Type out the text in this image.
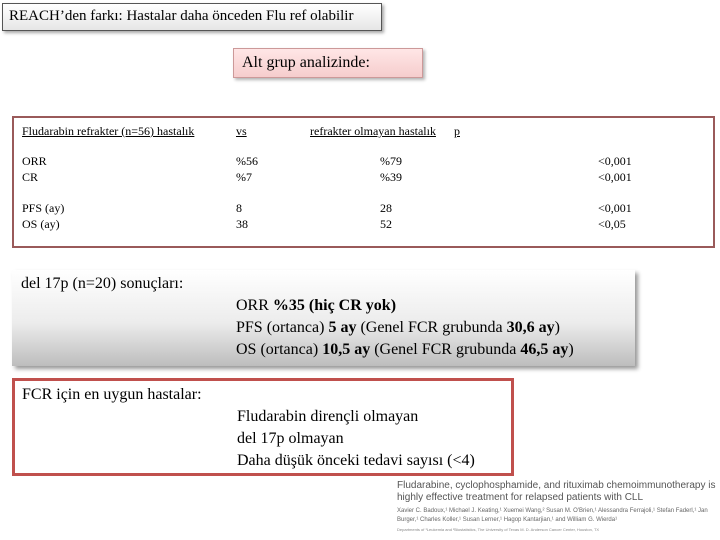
REACH’den farkı: Hastalar daha önceden Flu ref olabilir
Alt grup analizinde:
Fludarabin refrakter (n=56) hastalık	vs	refrakter olmayan hastalık p
ORR
CR
%56
%7
%79
%39
<0,001
<0,001
PFS (ay)
OS (ay)
8
38
28
52
<0,001
<0,05
del 17p (n=20) sonuçları:
ORR %35 (hiç CR yok)
PFS (ortanca) 5 ay (Genel FCR grubunda 30,6 ay)
OS (ortanca) 10,5 ay (Genel FCR grubunda 46,5 ay)
FCR için en uygun hastalar:
Fludarabin dirençli olmayan
del 17p olmayan
Daha düşük önceki tedavi sayısı (<4)
Fludarabine, cyclophosphamide, and rituximab chemoimmunotherapy is highly effective treatment for relapsed patients with CLL
Xavier C. Badoux,¹ Michael J. Keating,¹ Xuemei Wang,² Susan M. O'Brien,¹ Alessandra Ferrajoli,¹ Stefan Faderl,¹ Jan Burger,¹ Charles Koller,¹ Susan Lerner,¹ Hagop Kantarjian,¹ and William G. Wierda¹
Departments of ¹Leukemia and ²Biostatistics, The University of Texas M. D. Anderson Cancer Center, Houston, TX
